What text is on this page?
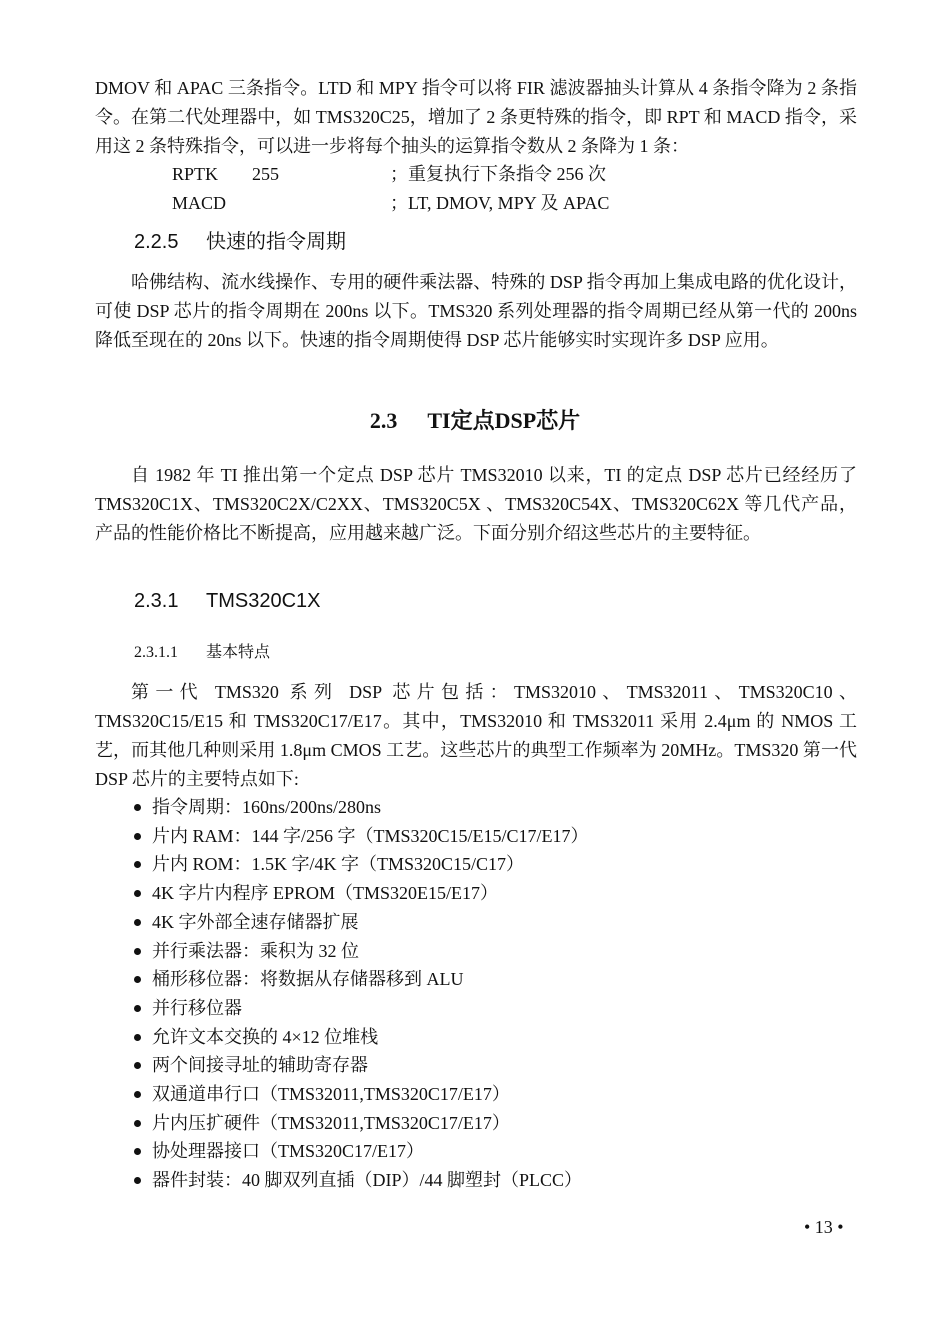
DMOV 和 APAC 三条指令。LTD 和 MPY 指令可以将 FIR 滤波器抽头计算从 4 条指令降为 2 条指令。在第二代处理器中，如 TMS320C25，增加了 2 条更特殊的指令，即 RPT 和 MACD 指令，采用这 2 条特殊指令，可以进一步将每个抽头的运算指令数从 2 条降为 1 条：

RPTK 255	；重复执行下条指令 256 次
MACD	；LT, DMOV, MPY 及 APAC
2.2.5 快速的指令周期

哈佛结构、流水线操作、专用的硬件乘法器、特殊的 DSP 指令再加上集成电路的优化设计，可使 DSP 芯片的指令周期在 200ns 以下。TMS320 系列处理器的指令周期已经从第一代的 200ns 降低至现在的 20ns 以下。快速的指令周期使得 DSP 芯片能够实时实现许多 DSP 应用。

2.3 TI定点DSP芯片

自 1982 年 TI 推出第一个定点 DSP 芯片 TMS32010 以来，TI 的定点 DSP 芯片已经经历了 TMS320C1X、TMS320C2X/C2XX、TMS320C5X 、TMS320C54X、TMS320C62X 等几代产品，产品的性能价格比不断提高，应用越来越广泛。下面分别介绍这些芯片的主要特征。

2.3.1 TMS320C1X
2.3.1.1 基本特点

第一代 TMS320 系列 DSP 芯片包括：TMS32010、TMS32011、TMS320C10、TMS320C15/E15 和 TMS320C17/E17。其中，TMS32010 和 TMS32011 采用 2.4μm 的 NMOS 工艺，而其他几种则采用 1.8μm CMOS 工艺。这些芯片的典型工作频率为 20MHz。TMS320 第一代 DSP 芯片的主要特点如下:

指令周期：160ns/200ns/280ns
片内 RAM：144 字/256 字（TMS320C15/E15/C17/E17）
片内 ROM：1.5K 字/4K 字（TMS320C15/C17）
4K 字片内程序 EPROM（TMS320E15/E17）
4K 字外部全速存储器扩展
并行乘法器：乘积为 32 位
桶形移位器：将数据从存储器移到 ALU
并行移位器
允许文本交换的 4×12 位堆栈
两个间接寻址的辅助寄存器
双通道串行口（TMS32011,TMS320C17/E17）
片内压扩硬件（TMS32011,TMS320C17/E17）
协处理器接口（TMS320C17/E17）
器件封装：40 脚双列直插（DIP）/44 脚塑封（PLCC）
• 13 •
